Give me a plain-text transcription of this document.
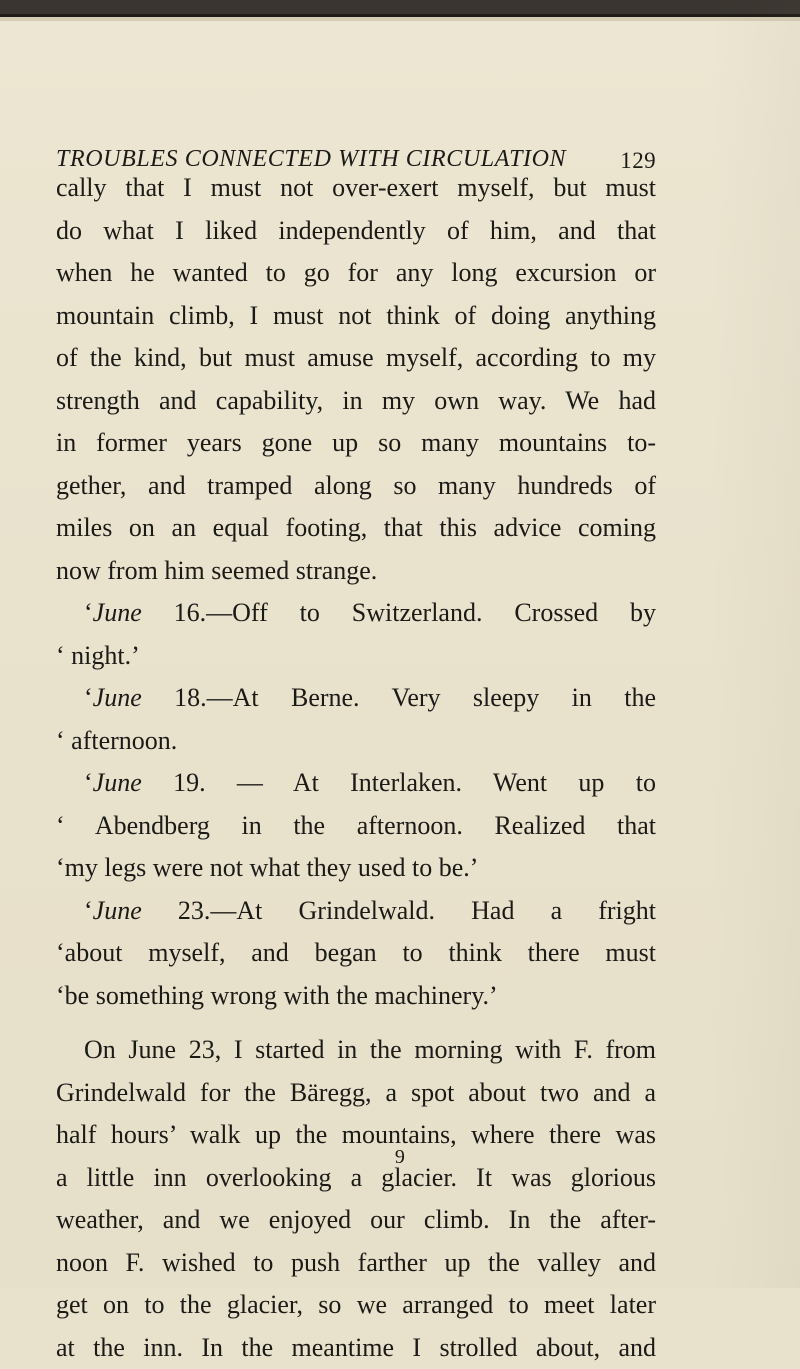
TROUBLES CONNECTED WITH CIRCULATION 129
cally that I must not over-exert myself, but must
do what I liked independently of him, and that
when he wanted to go for any long excursion or
mountain climb, I must not think of doing anything
of the kind, but must amuse myself, according to my
strength and capability, in my own way. We had
in former years gone up so many mountains to-
gether, and tramped along so many hundreds of
miles on an equal footing, that this advice coming
now from him seemed strange.
‘June 16.—Off to Switzerland. Crossed by
‘ night.’
‘June 18.—At Berne. Very sleepy in the
‘ afternoon.
‘June 19. — At Interlaken. Went up to
‘ Abendberg in the afternoon. Realized that
‘my legs were not what they used to be.’
‘June 23.—At Grindelwald. Had a fright
‘about myself, and began to think there must
‘be something wrong with the machinery.’
On June 23, I started in the morning with F. from
Grindelwald for the Bäregg, a spot about two and a
half hours’ walk up the mountains, where there was
a little inn overlooking a glacier. It was glorious
weather, and we enjoyed our climb. In the after-
noon F. wished to push farther up the valley and
get on to the glacier, so we arranged to meet later
at the inn. In the meantime I strolled about, and
9
